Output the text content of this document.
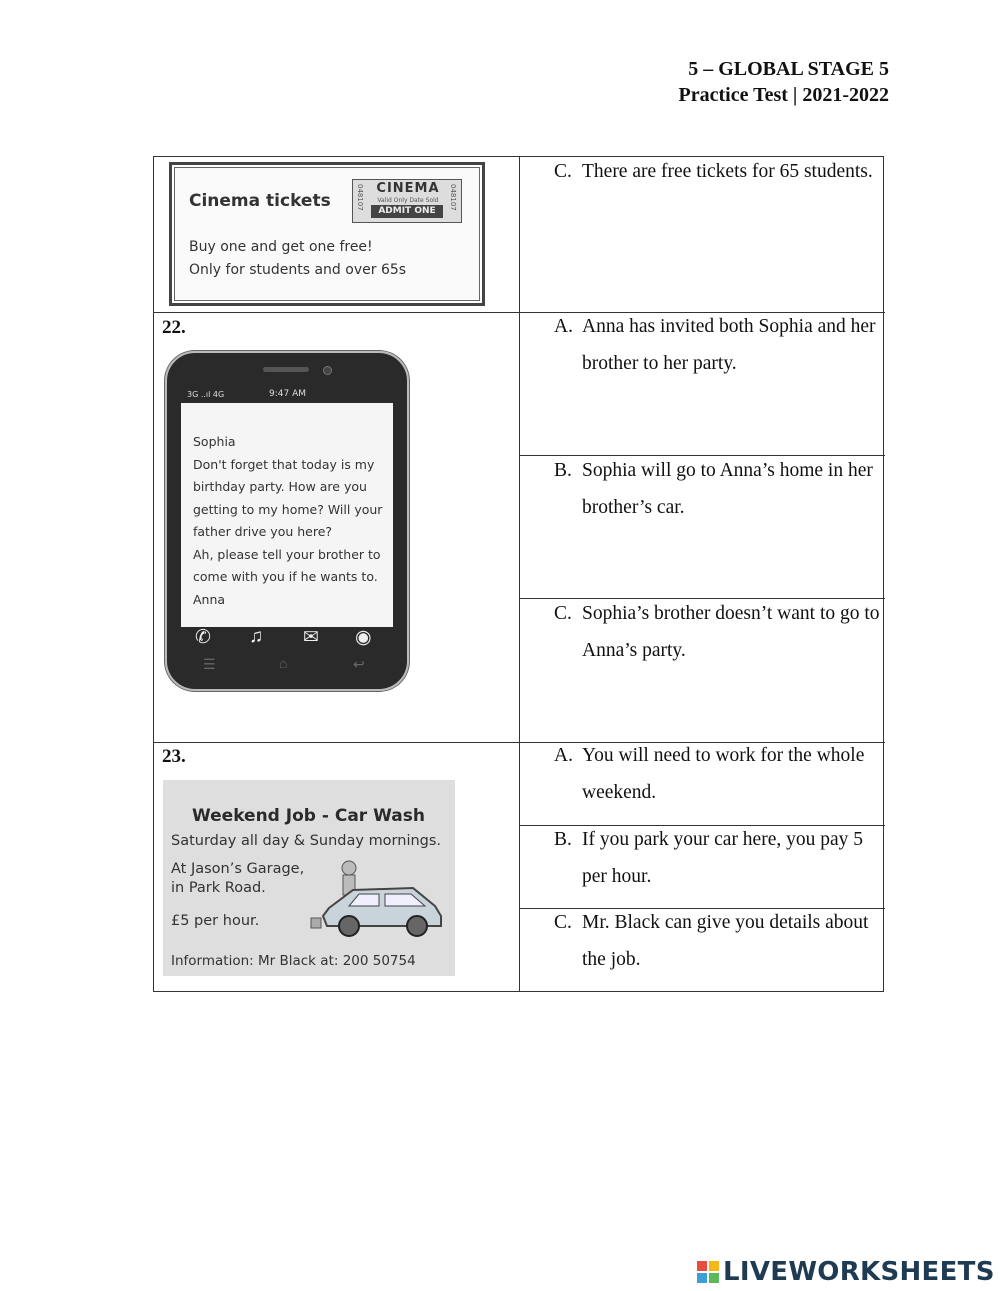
5 – GLOBAL STAGE 5
Practice Test | 2021-2022
Cinema tickets
Buy one and get one free!
Only for students and over 65s
048107 CINEMA
Valid Only Date Sold
ADMIT ONE
048107
C. There are free tickets for 65 students.
22.
3G ..ıl 4G	9:47 AM
Sophia
Don't forget that today is my
birthday party. How are you
getting to my home? Will your
father drive you here?
Ah, please tell your brother to
come with you if he wants to.
Anna
✆ ♫ ✉ ◉
☰	⌂	↩
A. Anna has invited both Sophia and her brother to her party.
B. Sophia will go to Anna’s home in her brother’s car.
C. Sophia’s brother doesn’t want to go to Anna’s party.
23.
Weekend Job - Car Wash
Saturday all day & Sunday mornings.
At Jason’s Garage,
in Park Road.
£5 per hour.
Information: Mr Black at: 200 50754
A. You will need to work for the whole weekend.
B. If you park your car here, you pay 5 per hour.
C. Mr. Black can give you details about the job.
LIVEWORKSHEETS
